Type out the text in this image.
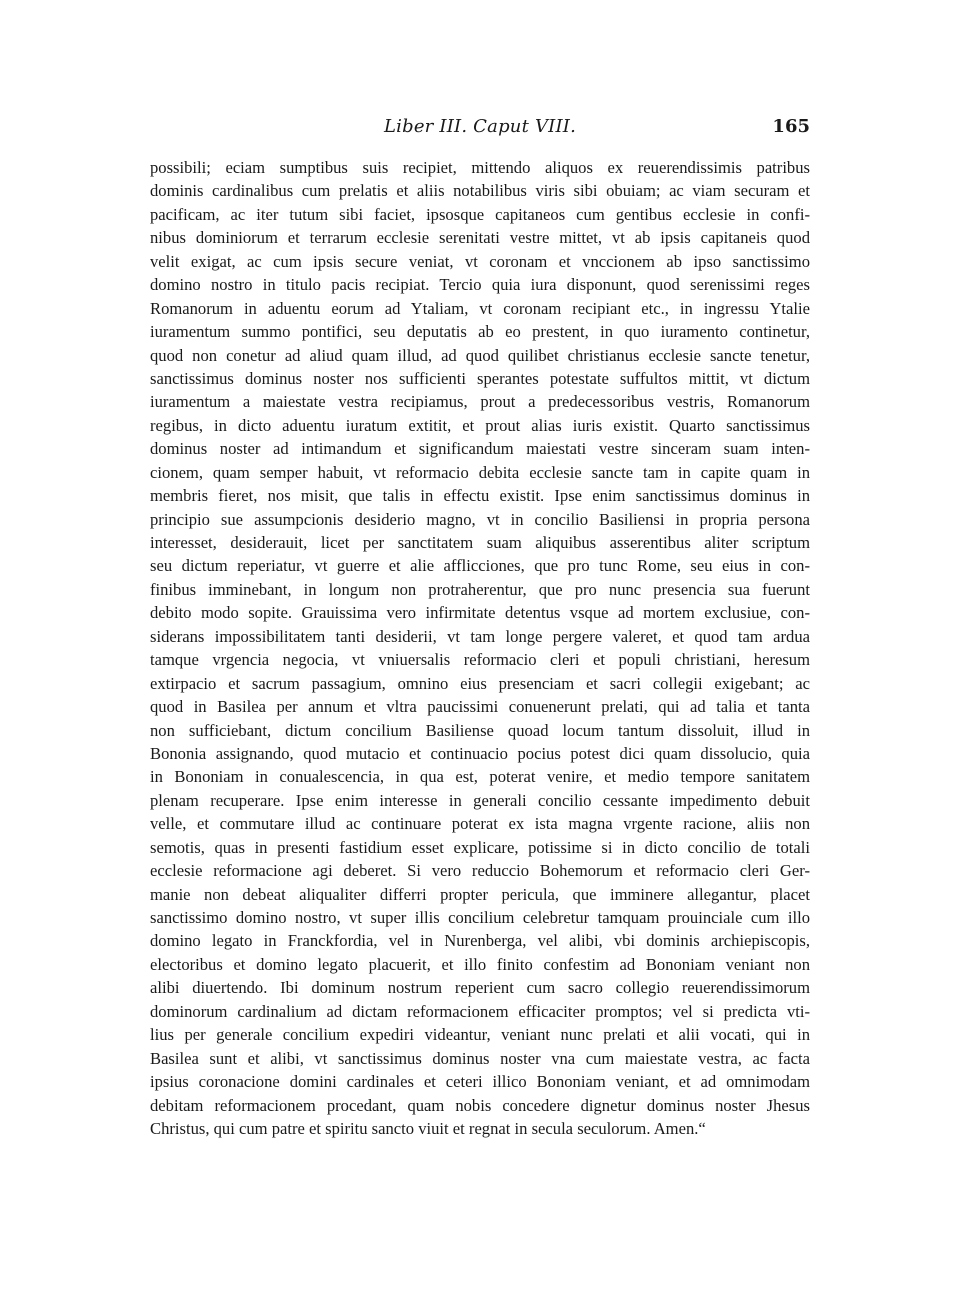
Liber III. Caput VIII.	165
possibili; eciam sumptibus suis recipiet, mittendo aliquos ex reuerendissimis patribus
dominis cardinalibus cum prelatis et aliis notabilibus viris sibi obuiam; ac viam securam et
pacificam, ac iter tutum sibi faciet, ipsosque capitaneos cum gentibus ecclesie in confi-
nibus dominiorum et terrarum ecclesie serenitati vestre mittet, vt ab ipsis capitaneis quod
velit exigat, ac cum ipsis secure veniat, vt coronam et vnccionem ab ipso sanctissimo
domino nostro in titulo pacis recipiat. Tercio quia iura disponunt, quod serenissimi reges
Romanorum in aduentu eorum ad Ytaliam, vt coronam recipiant etc., in ingressu Ytalie
iuramentum summo pontifici, seu deputatis ab eo prestent, in quo iuramento continetur,
quod non conetur ad aliud quam illud, ad quod quilibet christianus ecclesie sancte tenetur,
sanctissimus dominus noster nos sufficienti sperantes potestate suffultos mittit, vt dictum
iuramentum a maiestate vestra recipiamus, prout a predecessoribus vestris, Romanorum
regibus, in dicto aduentu iuratum extitit, et prout alias iuris existit. Quarto sanctissimus
dominus noster ad intimandum et significandum maiestati vestre sinceram suam inten-
cionem, quam semper habuit, vt reformacio debita ecclesie sancte tam in capite quam in
membris fieret, nos misit, que talis in effectu existit. Ipse enim sanctissimus dominus in
principio sue assumpcionis desiderio magno, vt in concilio Basiliensi in propria persona
interesset, desiderauit, licet per sanctitatem suam aliquibus asserentibus aliter scriptum
seu dictum reperiatur, vt guerre et alie afflicciones, que pro tunc Rome, seu eius in con-
finibus imminebant, in longum non protraherentur, que pro nunc presencia sua fuerunt
debito modo sopite. Grauissima vero infirmitate detentus vsque ad mortem exclusiue, con-
siderans impossibilitatem tanti desiderii, vt tam longe pergere valeret, et quod tam ardua
tamque vrgencia negocia, vt vniuersalis reformacio cleri et populi christiani, heresum
extirpacio et sacrum passagium, omnino eius presenciam et sacri collegii exigebant; ac
quod in Basilea per annum et vltra paucissimi conuenerunt prelati, qui ad talia et tanta
non sufficiebant, dictum concilium Basiliense quoad locum tantum dissoluit, illud in
Bononia assignando, quod mutacio et continuacio pocius potest dici quam dissolucio, quia
in Bononiam in conualescencia, in qua est, poterat venire, et medio tempore sanitatem
plenam recuperare. Ipse enim interesse in generali concilio cessante impedimento debuit
velle, et commutare illud ac continuare poterat ex ista magna vrgente racione, aliis non
semotis, quas in presenti fastidium esset explicare, potissime si in dicto concilio de totali
ecclesie reformacione agi deberet. Si vero reduccio Bohemorum et reformacio cleri Ger-
manie non debeat aliqualiter differri propter pericula, que imminere allegantur, placet
sanctissimo domino nostro, vt super illis concilium celebretur tamquam prouinciale cum illo
domino legato in Franckfordia, vel in Nurenberga, vel alibi, vbi dominis archiepiscopis,
electoribus et domino legato placuerit, et illo finito confestim ad Bononiam veniant non
alibi diuertendo. Ibi dominum nostrum reperient cum sacro collegio reuerendissimorum
dominorum cardinalium ad dictam reformacionem efficaciter promptos; vel si predicta vti-
lius per generale concilium expediri videantur, veniant nunc prelati et alii vocati, qui in
Basilea sunt et alibi, vt sanctissimus dominus noster vna cum maiestate vestra, ac facta
ipsius coronacione domini cardinales et ceteri illico Bononiam veniant, et ad omnimodam
debitam reformacionem procedant, quam nobis concedere dignetur dominus noster Jhesus
Christus, qui cum patre et spiritu sancto viuit et regnat in secula seculorum. Amen.“
